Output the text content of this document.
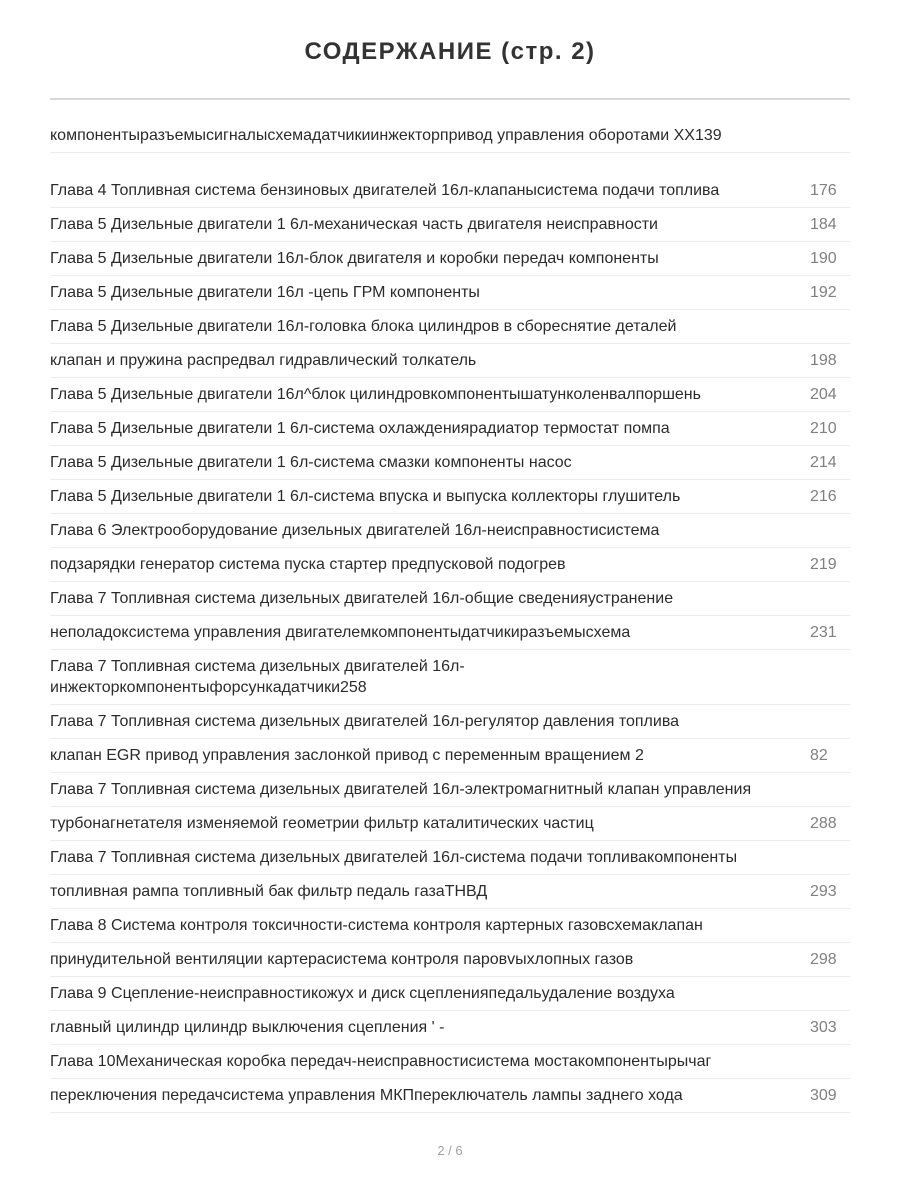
СОДЕРЖАНИЕ (стр. 2)
компонентыразъемысигналысхемадатчикиинжекторпривод управления оборотами ХХ139
Глава 4 Топливная система бензиновых двигателей 16л-клапанысистема подачи топлива	176
Глава 5 Дизельные двигатели 1 6л-механическая часть двигателя неисправности	184
Глава 5 Дизельные двигатели 16л-блок двигателя и коробки передач компоненты	190
Глава 5 Дизельные двигатели 16л -цепь ГРМ компоненты	192
Глава 5 Дизельные двигатели 16л-головка блока цилиндров в сбореснятие деталей
клапан и пружина распредвал гидравлический толкатель	198
Глава 5 Дизельные двигатели 16л^блок цилиндровкомпонентышатунколенвалпоршень	204
Глава 5 Дизельные двигатели 1 6л-система охлаждениярадиатор термостат помпа	210
Глава 5 Дизельные двигатели 1 6л-система смазки компоненты насос	214
Глава 5 Дизельные двигатели 1 6л-система впуска и выпуска коллекторы глушитель	216
Глава 6 Электрооборудование дизельных двигателей 16л-неисправностисистема
подзарядки генератор система пуска стартер предпусковой подогрев	219
Глава 7 Топливная система дизельных двигателей 16л-общие сведенияустранение
неполадоксистема управления двигателемкомпонентыдатчикиразъемысхема	231
Глава 7 Топливная система дизельных двигателей 16л-инжекторкомпонентыфорсункадатчики258
Глава 7 Топливная система дизельных двигателей 16л-регулятор давления топлива
клапан EGR привод управления заслонкой привод с переменным вращением 2	82
Глава 7 Топливная система дизельных двигателей 16л-электромагнитный клапан управления
турбонагнетателя изменяемой геометрии фильтр каталитических частиц	288
Глава 7 Топливная система дизельных двигателей 16л-система подачи топливакомпоненты
топливная рампа топливный бак фильтр педаль газаТНВД	293
Глава 8 Система контроля токсичности-система контроля картерных газовсхемаклапан
принудительной вентиляции картерасистема контроля паровvыхлопных газов	298
Глава 9 Сцепление-неисправностикожух и диск сцепленияпедальудаление воздуха
главный цилиндр цилиндр выключения сцепления ' -	303
Глава 10Механическая коробка передач-неисправностисистема мостакомпонентырычаг
переключения передачсистема управления МКПпереключатель лампы заднего хода	309
2 / 6
